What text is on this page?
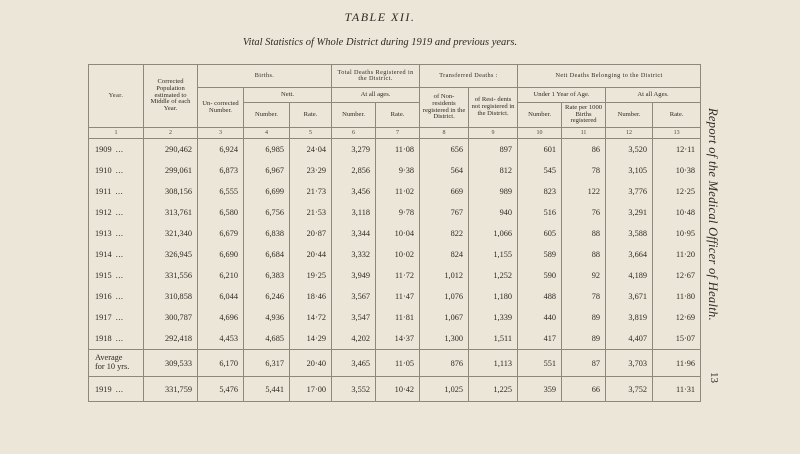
TABLE XII.
Vital Statistics of Whole District during 1919 and previous years.
Report of the Medical Officer of Health.
13
Year.	Corrected Population estimated to Middle of each Year.	Births.			Total Deaths Registered in the District.		Transferred Deaths :		Nett Deaths Belonging to the District			
		Un- corrected Number.	Nett.		At all ages.		of Non- residents registered in the District.	of Resi- dents not registered in the District.	Under 1 Year of Age.		At all Ages.	
			Number.	Rate.	Number.	Rate.			Number.	Rate per 1000 Births registered	Number.	Rate.
1	2	3	4	5	6	7	8	9	10	11	12	13
1909 ...	290,462	6,924	6,985	24·04	3,279	11·08	656	897	601	86	3,520	12·11
1910 ...	299,061	6,873	6,967	23·29	2,856	9·38	564	812	545	78	3,105	10·38
1911 ...	308,156	6,555	6,699	21·73	3,456	11·02	669	989	823	122	3,776	12·25
1912 ...	313,761	6,580	6,756	21·53	3,118	9·78	767	940	516	76	3,291	10·48
1913 ...	321,340	6,679	6,838	20·87	3,344	10·04	822	1,066	605	88	3,588	10·95
1914 ...	326,945	6,690	6,684	20·44	3,332	10·02	824	1,155	589	88	3,664	11·20
1915 ...	331,556	6,210	6,383	19·25	3,949	11·72	1,012	1,252	590	92	4,189	12·67
1916 ...	310,858	6,044	6,246	18·46	3,567	11·47	1,076	1,180	488	78	3,671	11·80
1917 ...	300,787	4,696	4,936	14·72	3,547	11·81	1,067	1,339	440	89	3,819	12·69
1918 ...	292,418	4,453	4,685	14·29	4,202	14·37	1,300	1,511	417	89	4,407	15·07

Average
for 10 yrs.	309,533	6,170	6,317	20·40	3,465	11·05	876	1,113	551	87	3,703	11·96
1919 ...	331,759	5,476	5,441	17·00	3,552	10·42	1,025	1,225	359	66	3,752	11·31
